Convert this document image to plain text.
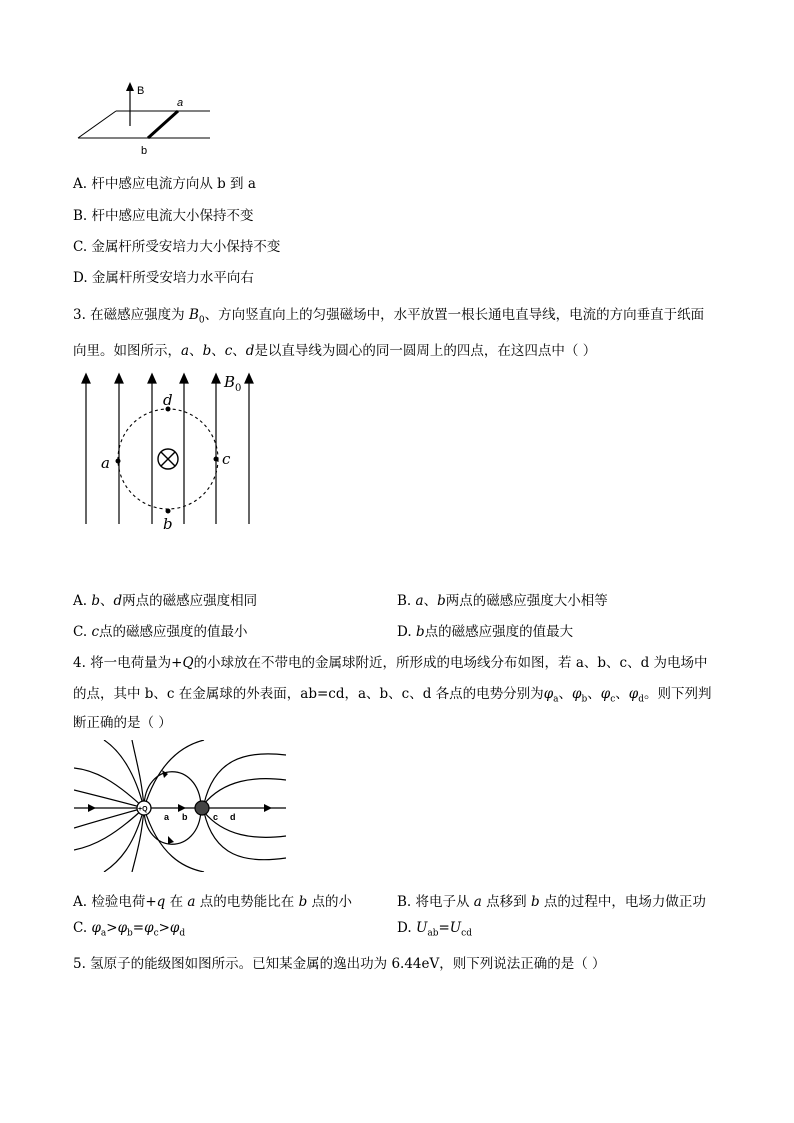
B
a
b
A. 杆中感应电流方向从 b 到 a
B. 杆中感应电流大小保持不变
C. 金属杆所受安培力大小保持不变
D. 金属杆所受安培力水平向右
3. 在磁感应强度为 $B_0$、方向竖直向上的匀强磁场中，水平放置一根长通电直导线，电流的方向垂直于纸面
向里。如图所示，a、b、c、d是以直导线为圆心的同一圆周上的四点，在这四点中（ ）
a	c
d
b
$B_0$
A. b、d两点的磁感应强度相同	B. a、b两点的磁感应强度大小相等
C. c点的磁感应强度的值最小	D. b点的磁感应强度的值最大
4. 将一电荷量为+Q的小球放在不带电的金属球附近，所形成的电场线分布如图，若 a、b、c、d 为电场中
的点，其中 b、c 在金属球的外表面，ab=cd，a、b、c、d 各点的电势分别为$\varphi_a$、$\varphi_b$、$\varphi_c$、$\varphi_d$。则下列判
断正确的是（ ）
+Q
a b	c d
A. 检验电荷+q 在 a 点的电势能比在 b 点的小	B. 将电子从 a 点移到 b 点的过程中，电场力做正功
C. $\varphi_a>\varphi_b=\varphi_c>\varphi_d$	D. $U_{ab}=U_{cd}$
5. 氢原子的能级图如图所示。已知某金属的逸出功为 6.44eV，则下列说法正确的是（ ）
